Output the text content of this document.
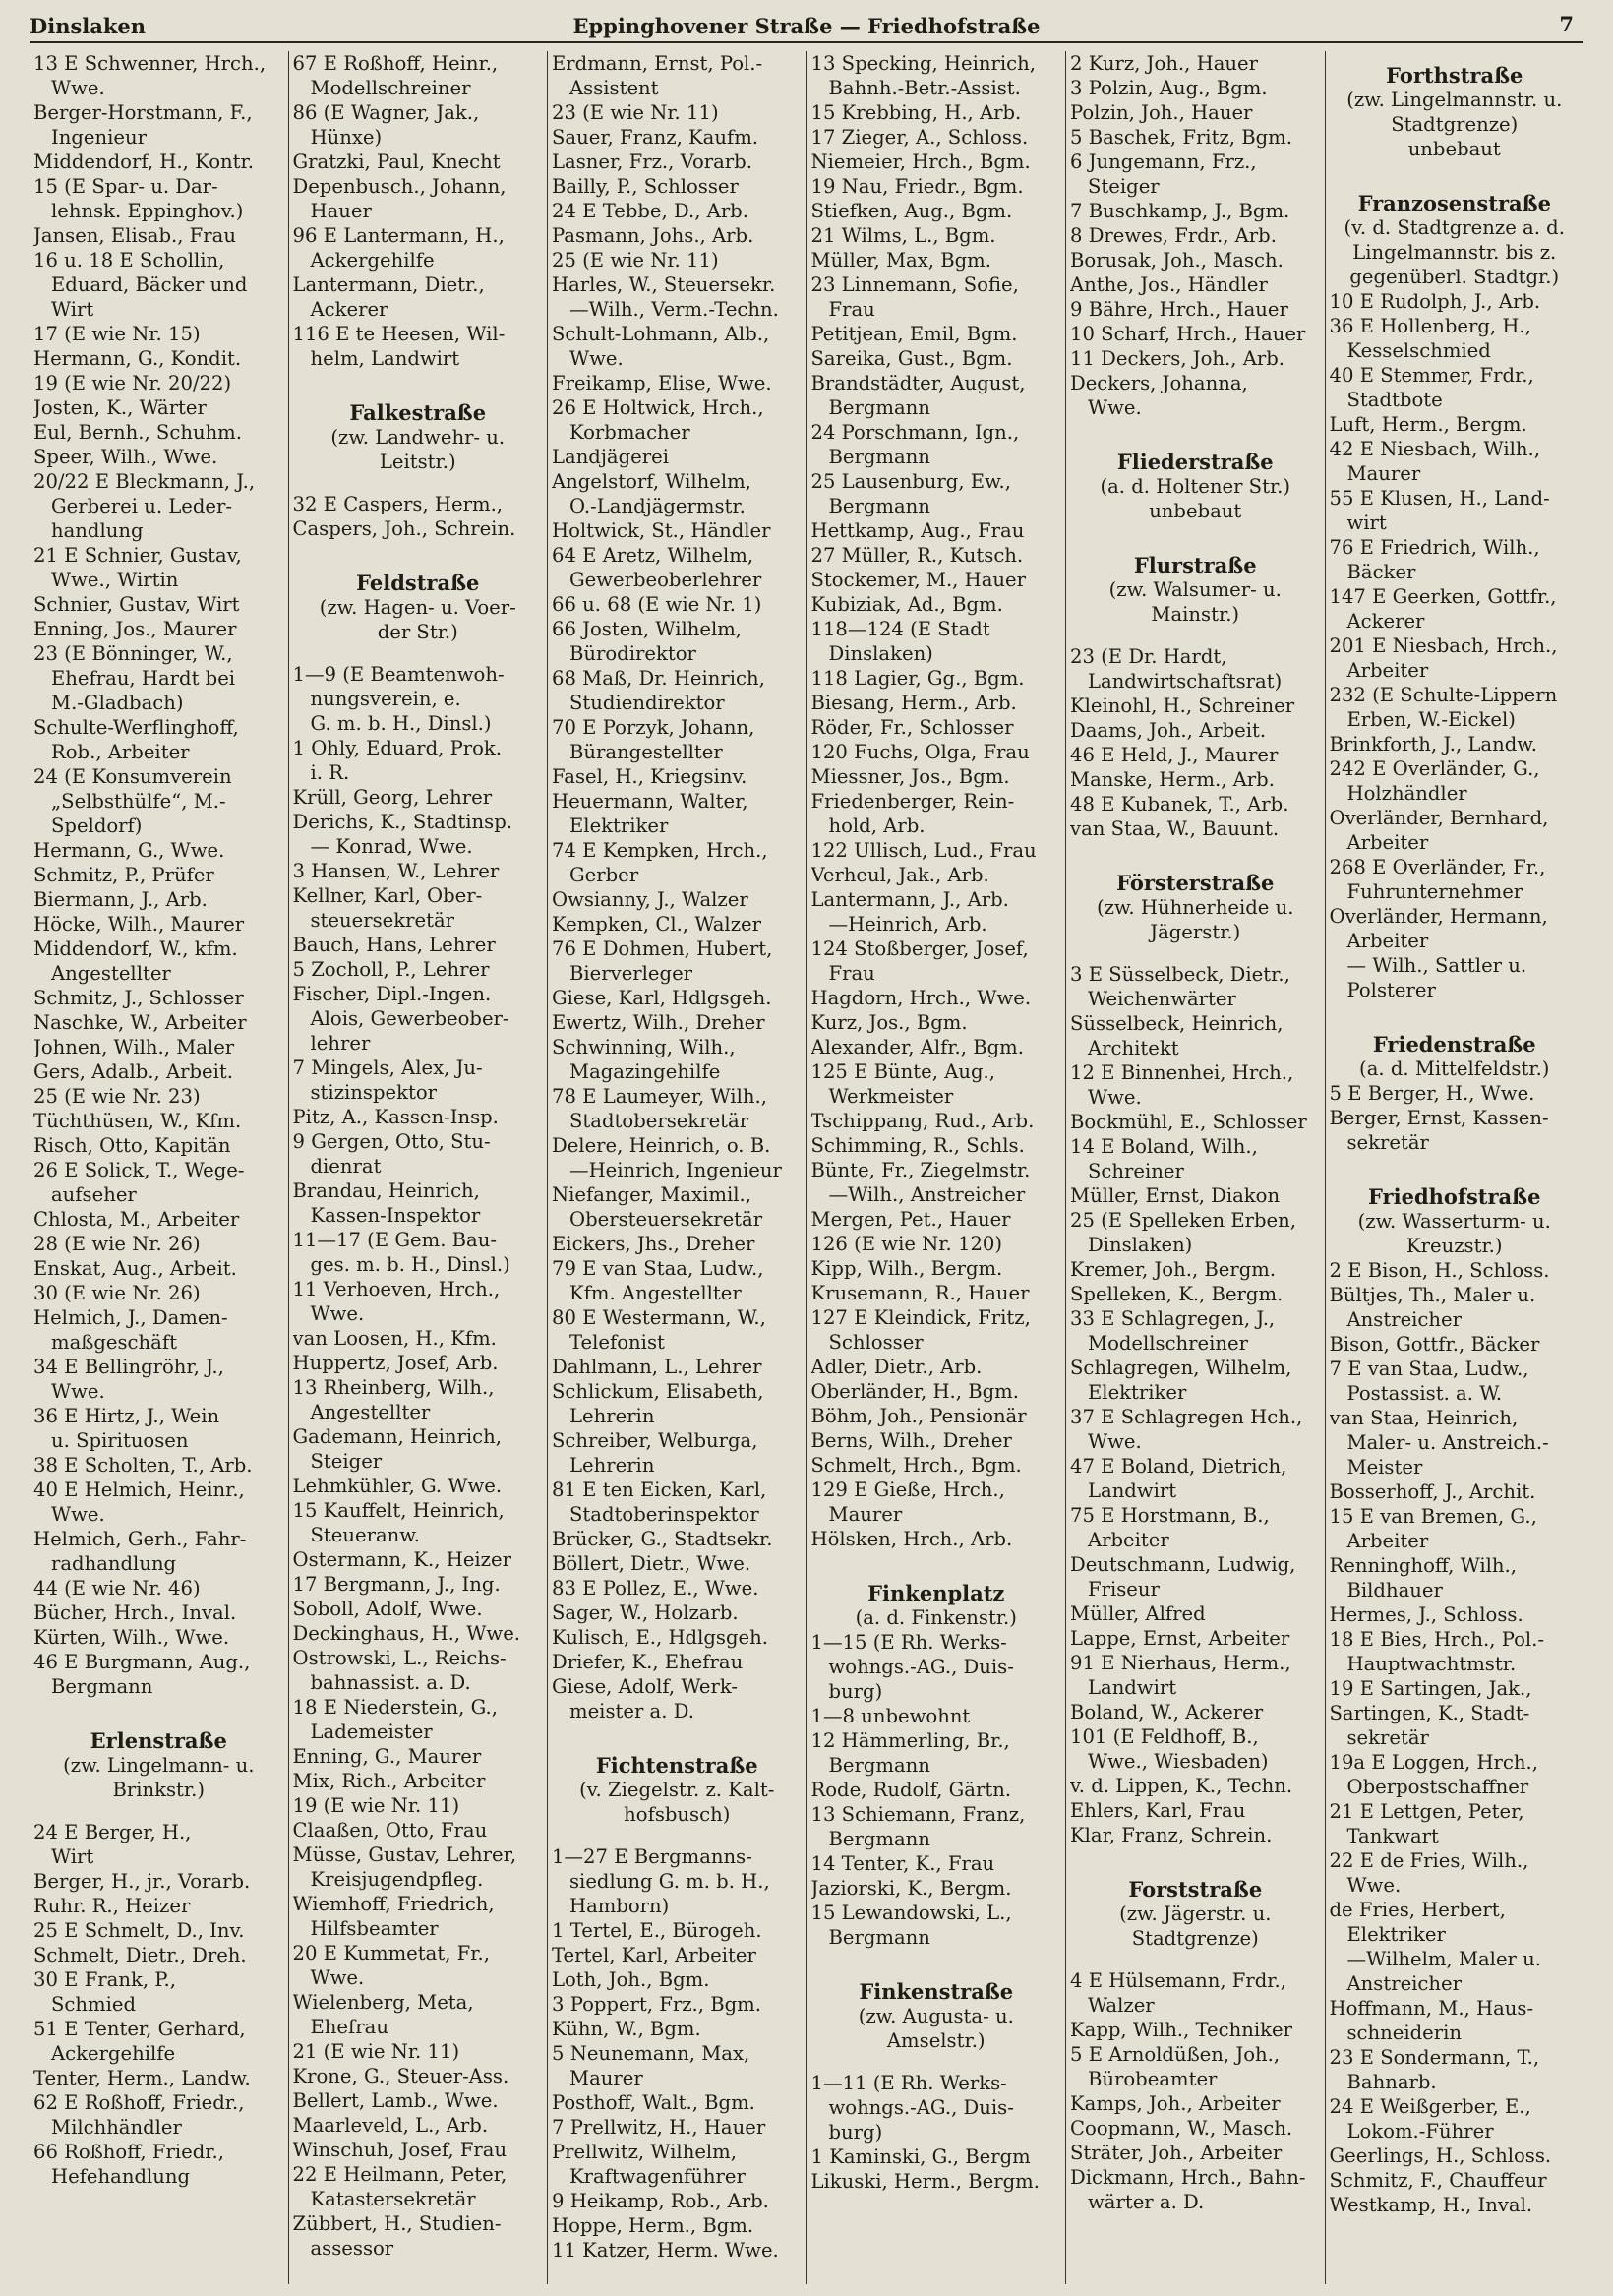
Dinslaken	Eppinghovener Straße — Friedhofstraße	7
13 E Schwenner, Hrch.,
Wwe.
Berger-Horstmann, F.,
Ingenieur
Middendorf, H., Kontr.
15 (E Spar- u. Dar-
lehnsk. Eppinghov.)
Jansen, Elisab., Frau
16 u. 18 E Schollin,
Eduard, Bäcker und
Wirt
17 (E wie Nr. 15)
Hermann, G., Kondit.
19 (E wie Nr. 20/22)
Josten, K., Wärter
Eul, Bernh., Schuhm.
Speer, Wilh., Wwe.
20/22 E Bleckmann, J.,
Gerberei u. Leder-
handlung
21 E Schnier, Gustav,
Wwe., Wirtin
Schnier, Gustav, Wirt
Enning, Jos., Maurer
23 (E Bönninger, W.,
Ehefrau, Hardt bei
M.-Gladbach)
Schulte-Werflinghoff,
Rob., Arbeiter
24 (E Konsumverein
„Selbsthülfe“, M.-
Speldorf)
Hermann, G., Wwe.
Schmitz, P., Prüfer
Biermann, J., Arb.
Höcke, Wilh., Maurer
Middendorf, W., kfm.
Angestellter
Schmitz, J., Schlosser
Naschke, W., Arbeiter
Johnen, Wilh., Maler
Gers, Adalb., Arbeit.
25 (E wie Nr. 23)
Tüchthüsen, W., Kfm.
Risch, Otto, Kapitän
26 E Solick, T., Wege-
aufseher
Chlosta, M., Arbeiter
28 (E wie Nr. 26)
Enskat, Aug., Arbeit.
30 (E wie Nr. 26)
Helmich, J., Damen-
maßgeschäft
34 E Bellingröhr, J.,
Wwe.
36 E Hirtz, J., Wein
u. Spirituosen
38 E Scholten, T., Arb.
40 E Helmich, Heinr.,
Wwe.
Helmich, Gerh., Fahr-
radhandlung
44 (E wie Nr. 46)
Bücher, Hrch., Inval.
Kürten, Wilh., Wwe.
46 E Burgmann, Aug.,
Bergmann
Erlenstraße
(zw. Lingelmann- u.
Brinkstr.)
24 E Berger, H.,
Wirt
Berger, H., jr., Vorarb.
Ruhr. R., Heizer
25 E Schmelt, D., Inv.
Schmelt, Dietr., Dreh.
30 E Frank, P.,
Schmied
51 E Tenter, Gerhard,
Ackergehilfe
Tenter, Herm., Landw.
62 E Roßhoff, Friedr.,
Milchhändler
66 Roßhoff, Friedr.,
Hefehandlung
67 E Roßhoff, Heinr.,
Modellschreiner
86 (E Wagner, Jak.,
Hünxe)
Gratzki, Paul, Knecht
Depenbusch., Johann,
Hauer
96 E Lantermann, H.,
Ackergehilfe
Lantermann, Dietr.,
Ackerer
116 E te Heesen, Wil-
helm, Landwirt
Falkestraße
(zw. Landwehr- u.
Leitstr.)
32 E Caspers, Herm.,
Caspers, Joh., Schrein.
Feldstraße
(zw. Hagen- u. Voer-
der Str.)
1—9 (E Beamtenwoh-
nungsverein, e.
G. m. b. H., Dinsl.)
1 Ohly, Eduard, Prok.
i. R.
Krüll, Georg, Lehrer
Derichs, K., Stadtinsp.
— Konrad, Wwe.
3 Hansen, W., Lehrer
Kellner, Karl, Ober-
steuersekretär
Bauch, Hans, Lehrer
5 Zocholl, P., Lehrer
Fischer, Dipl.-Ingen.
Alois, Gewerbeober-
lehrer
7 Mingels, Alex, Ju-
stizinspektor
Pitz, A., Kassen-Insp.
9 Gergen, Otto, Stu-
dienrat
Brandau, Heinrich,
Kassen-Inspektor
11—17 (E Gem. Bau-
ges. m. b. H., Dinsl.)
11 Verhoeven, Hrch.,
Wwe.
van Loosen, H., Kfm.
Huppertz, Josef, Arb.
13 Rheinberg, Wilh.,
Angestellter
Gademann, Heinrich,
Steiger
Lehmkühler, G. Wwe.
15 Kauffelt, Heinrich,
Steueranw.
Ostermann, K., Heizer
17 Bergmann, J., Ing.
Soboll, Adolf, Wwe.
Deckinghaus, H., Wwe.
Ostrowski, L., Reichs-
bahnassist. a. D.
18 E Niederstein, G.,
Lademeister
Enning, G., Maurer
Mix, Rich., Arbeiter
19 (E wie Nr. 11)
Claaßen, Otto, Frau
Müsse, Gustav, Lehrer,
Kreisjugendpfleg.
Wiemhoff, Friedrich,
Hilfsbeamter
20 E Kummetat, Fr.,
Wwe.
Wielenberg, Meta,
Ehefrau
21 (E wie Nr. 11)
Krone, G., Steuer-Ass.
Bellert, Lamb., Wwe.
Maarleveld, L., Arb.
Winschuh, Josef, Frau
22 E Heilmann, Peter,
Katastersekretär
Zübbert, H., Studien-
assessor
Erdmann, Ernst, Pol.-
Assistent
23 (E wie Nr. 11)
Sauer, Franz, Kaufm.
Lasner, Frz., Vorarb.
Bailly, P., Schlosser
24 E Tebbe, D., Arb.
Pasmann, Johs., Arb.
25 (E wie Nr. 11)
Harles, W., Steuersekr.
—Wilh., Verm.-Techn.
Schult-Lohmann, Alb.,
Wwe.
Freikamp, Elise, Wwe.
26 E Holtwick, Hrch.,
Korbmacher
Landjägerei
Angelstorf, Wilhelm,
O.-Landjägermstr.
Holtwick, St., Händler
64 E Aretz, Wilhelm,
Gewerbeoberlehrer
66 u. 68 (E wie Nr. 1)
66 Josten, Wilhelm,
Bürodirektor
68 Maß, Dr. Heinrich,
Studiendirektor
70 E Porzyk, Johann,
Bürangestellter
Fasel, H., Kriegsinv.
Heuermann, Walter,
Elektriker
74 E Kempken, Hrch.,
Gerber
Owsianny, J., Walzer
Kempken, Cl., Walzer
76 E Dohmen, Hubert,
Bierverleger
Giese, Karl, Hdlgsgeh.
Ewertz, Wilh., Dreher
Schwinning, Wilh.,
Magazingehilfe
78 E Laumeyer, Wilh.,
Stadtobersekretär
Delere, Heinrich, o. B.
—Heinrich, Ingenieur
Niefanger, Maximil.,
Obersteuersekretär
Eickers, Jhs., Dreher
79 E van Staa, Ludw.,
Kfm. Angestellter
80 E Westermann, W.,
Telefonist
Dahlmann, L., Lehrer
Schlickum, Elisabeth,
Lehrerin
Schreiber, Welburga,
Lehrerin
81 E ten Eicken, Karl,
Stadtoberinspektor
Brücker, G., Stadtsekr.
Böllert, Dietr., Wwe.
83 E Pollez, E., Wwe.
Sager, W., Holzarb.
Kulisch, E., Hdlgsgeh.
Driefer, K., Ehefrau
Giese, Adolf, Werk-
meister a. D.
Fichtenstraße
(v. Ziegelstr. z. Kalt-
hofsbusch)
1—27 E Bergmanns-
siedlung G. m. b. H.,
Hamborn)
1 Tertel, E., Bürogeh.
Tertel, Karl, Arbeiter
Loth, Joh., Bgm.
3 Poppert, Frz., Bgm.
Kühn, W., Bgm.
5 Neunemann, Max,
Maurer
Posthoff, Walt., Bgm.
7 Prellwitz, H., Hauer
Prellwitz, Wilhelm,
Kraftwagenführer
9 Heikamp, Rob., Arb.
Hoppe, Herm., Bgm.
11 Katzer, Herm. Wwe.
13 Specking, Heinrich,
Bahnh.-Betr.-Assist.
15 Krebbing, H., Arb.
17 Zieger, A., Schloss.
Niemeier, Hrch., Bgm.
19 Nau, Friedr., Bgm.
Stiefken, Aug., Bgm.
21 Wilms, L., Bgm.
Müller, Max, Bgm.
23 Linnemann, Sofie,
Frau
Petitjean, Emil, Bgm.
Sareika, Gust., Bgm.
Brandstädter, August,
Bergmann
24 Porschmann, Ign.,
Bergmann
25 Lausenburg, Ew.,
Bergmann
Hettkamp, Aug., Frau
27 Müller, R., Kutsch.
Stockemer, M., Hauer
Kubiziak, Ad., Bgm.
118—124 (E Stadt
Dinslaken)
118 Lagier, Gg., Bgm.
Biesang, Herm., Arb.
Röder, Fr., Schlosser
120 Fuchs, Olga, Frau
Miessner, Jos., Bgm.
Friedenberger, Rein-
hold, Arb.
122 Ullisch, Lud., Frau
Verheul, Jak., Arb.
Lantermann, J., Arb.
—Heinrich, Arb.
124 Stoßberger, Josef,
Frau
Hagdorn, Hrch., Wwe.
Kurz, Jos., Bgm.
Alexander, Alfr., Bgm.
125 E Bünte, Aug.,
Werkmeister
Tschippang, Rud., Arb.
Schimming, R., Schls.
Bünte, Fr., Ziegelmstr.
—Wilh., Anstreicher
Mergen, Pet., Hauer
126 (E wie Nr. 120)
Kipp, Wilh., Bergm.
Krusemann, R., Hauer
127 E Kleindick, Fritz,
Schlosser
Adler, Dietr., Arb.
Oberländer, H., Bgm.
Böhm, Joh., Pensionär
Berns, Wilh., Dreher
Schmelt, Hrch., Bgm.
129 E Gieße, Hrch.,
Maurer
Hölsken, Hrch., Arb.
Finkenplatz
(a. d. Finkenstr.)
1—15 (E Rh. Werks-
wohngs.-AG., Duis-
burg)
1—8 unbewohnt
12 Hämmerling, Br.,
Bergmann
Rode, Rudolf, Gärtn.
13 Schiemann, Franz,
Bergmann
14 Tenter, K., Frau
Jaziorski, K., Bergm.
15 Lewandowski, L.,
Bergmann
Finkenstraße
(zw. Augusta- u.
Amselstr.)
1—11 (E Rh. Werks-
wohngs.-AG., Duis-
burg)
1 Kaminski, G., Bergm
Likuski, Herm., Bergm.
2 Kurz, Joh., Hauer
3 Polzin, Aug., Bgm.
Polzin, Joh., Hauer
5 Baschek, Fritz, Bgm.
6 Jungemann, Frz.,
Steiger
7 Buschkamp, J., Bgm.
8 Drewes, Frdr., Arb.
Borusak, Joh., Masch.
Anthe, Jos., Händler
9 Bähre, Hrch., Hauer
10 Scharf, Hrch., Hauer
11 Deckers, Joh., Arb.
Deckers, Johanna,
Wwe.
Fliederstraße
(a. d. Holtener Str.)
unbebaut
Flurstraße
(zw. Walsumer- u.
Mainstr.)
23 (E Dr. Hardt,
Landwirtschaftsrat)
Kleinohl, H., Schreiner
Daams, Joh., Arbeit.
46 E Held, J., Maurer
Manske, Herm., Arb.
48 E Kubanek, T., Arb.
van Staa, W., Bauunt.
Försterstraße
(zw. Hühnerheide u.
Jägerstr.)
3 E Süsselbeck, Dietr.,
Weichenwärter
Süsselbeck, Heinrich,
Architekt
12 E Binnenhei, Hrch.,
Wwe.
Bockmühl, E., Schlosser
14 E Boland, Wilh.,
Schreiner
Müller, Ernst, Diakon
25 (E Spelleken Erben,
Dinslaken)
Kremer, Joh., Bergm.
Spelleken, K., Bergm.
33 E Schlagregen, J.,
Modellschreiner
Schlagregen, Wilhelm,
Elektriker
37 E Schlagregen Hch.,
Wwe.
47 E Boland, Dietrich,
Landwirt
75 E Horstmann, B.,
Arbeiter
Deutschmann, Ludwig,
Friseur
Müller, Alfred
Lappe, Ernst, Arbeiter
91 E Nierhaus, Herm.,
Landwirt
Boland, W., Ackerer
101 (E Feldhoff, B.,
Wwe., Wiesbaden)
v. d. Lippen, K., Techn.
Ehlers, Karl, Frau
Klar, Franz, Schrein.
Forststraße
(zw. Jägerstr. u.
Stadtgrenze)
4 E Hülsemann, Frdr.,
Walzer
Kapp, Wilh., Techniker
5 E Arnoldüßen, Joh.,
Bürobeamter
Kamps, Joh., Arbeiter
Coopmann, W., Masch.
Sträter, Joh., Arbeiter
Dickmann, Hrch., Bahn-
wärter a. D.
Forthstraße
(zw. Lingelmannstr. u.
Stadtgrenze)
unbebaut
Franzosenstraße
(v. d. Stadtgrenze a. d.
Lingelmannstr. bis z.
gegenüberl. Stadtgr.)
10 E Rudolph, J., Arb.
36 E Hollenberg, H.,
Kesselschmied
40 E Stemmer, Frdr.,
Stadtbote
Luft, Herm., Bergm.
42 E Niesbach, Wilh.,
Maurer
55 E Klusen, H., Land-
wirt
76 E Friedrich, Wilh.,
Bäcker
147 E Geerken, Gottfr.,
Ackerer
201 E Niesbach, Hrch.,
Arbeiter
232 (E Schulte-Lippern
Erben, W.-Eickel)
Brinkforth, J., Landw.
242 E Overländer, G.,
Holzhändler
Overländer, Bernhard,
Arbeiter
268 E Overländer, Fr.,
Fuhrunternehmer
Overländer, Hermann,
Arbeiter
— Wilh., Sattler u.
Polsterer
Friedenstraße
(a. d. Mittelfeldstr.)
5 E Berger, H., Wwe.
Berger, Ernst, Kassen-
sekretär
Friedhofstraße
(zw. Wasserturm- u.
Kreuzstr.)
2 E Bison, H., Schloss.
Bültjes, Th., Maler u.
Anstreicher
Bison, Gottfr., Bäcker
7 E van Staa, Ludw.,
Postassist. a. W.
van Staa, Heinrich,
Maler- u. Anstreich.-
Meister
Bosserhoff, J., Archit.
15 E van Bremen, G.,
Arbeiter
Renninghoff, Wilh.,
Bildhauer
Hermes, J., Schloss.
18 E Bies, Hrch., Pol.-
Hauptwachtmstr.
19 E Sartingen, Jak.,
Sartingen, K., Stadt-
sekretär
19a E Loggen, Hrch.,
Oberpostschaffner
21 E Lettgen, Peter,
Tankwart
22 E de Fries, Wilh.,
Wwe.
de Fries, Herbert,
Elektriker
—Wilhelm, Maler u.
Anstreicher
Hoffmann, M., Haus-
schneiderin
23 E Sondermann, T.,
Bahnarb.
24 E Weißgerber, E.,
Lokom.-Führer
Geerlings, H., Schloss.
Schmitz, F., Chauffeur
Westkamp, H., Inval.
